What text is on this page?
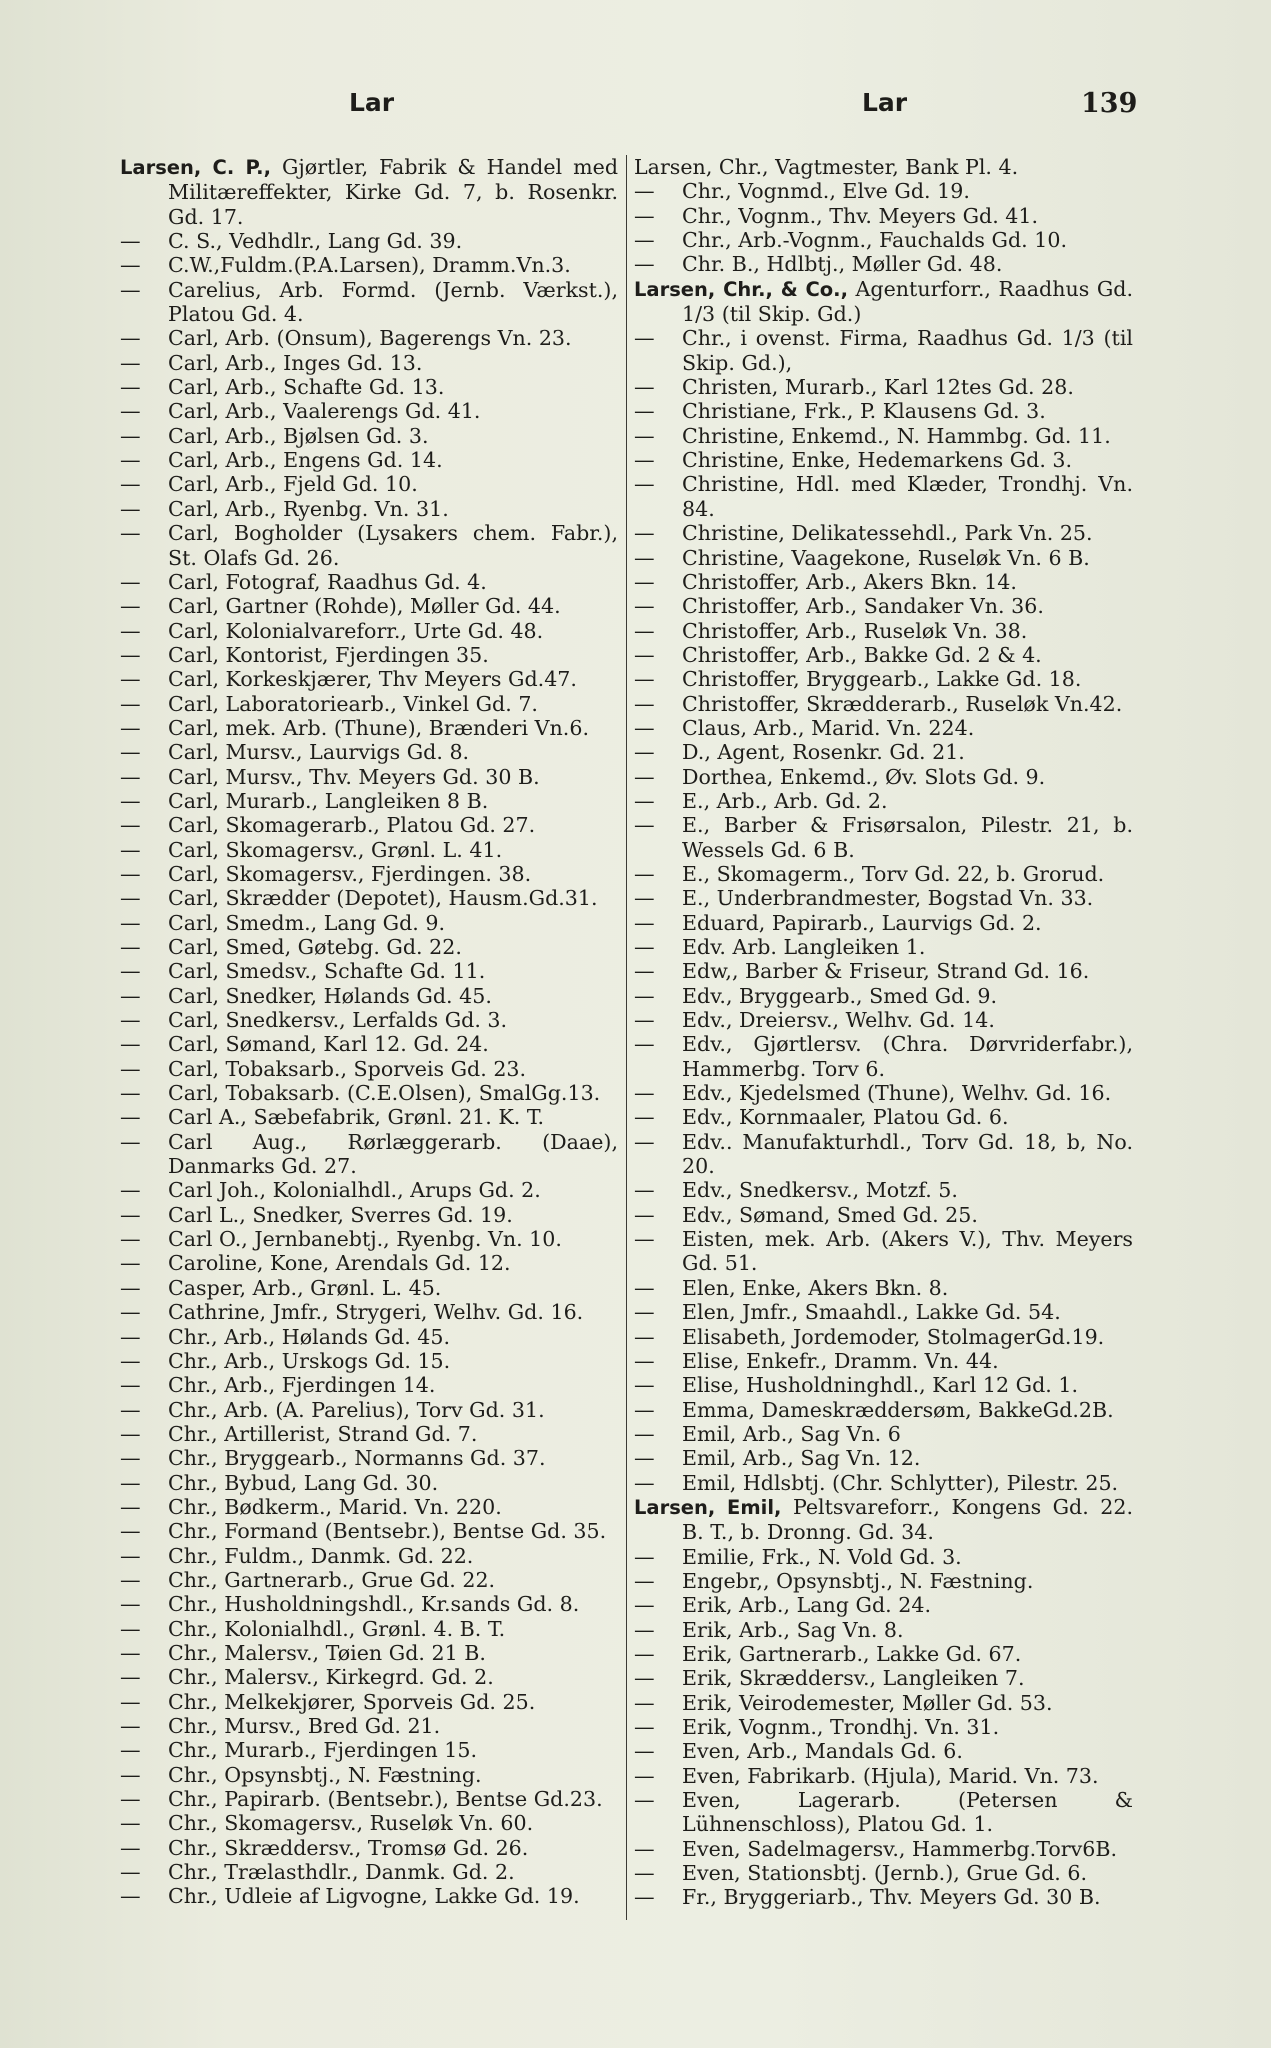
Lar	Lar	139
Larsen, C. P., Gjørtler, Fabrik & Handel med Militæreffekter, Kirke Gd. 7, b. Rosenkr. Gd. 17.
— C. S., Vedhdlr., Lang Gd. 39.
— C.W.,Fuldm.(P.A.Larsen), Dramm.Vn.3.
— Carelius, Arb. Formd. (Jernb. Værkst.), Platou Gd. 4.
— Carl, Arb. (Onsum), Bagerengs Vn. 23.
— Carl, Arb., Inges Gd. 13.
— Carl, Arb., Schafte Gd. 13.
— Carl, Arb., Vaalerengs Gd. 41.
— Carl, Arb., Bjølsen Gd. 3.
— Carl, Arb., Engens Gd. 14.
— Carl, Arb., Fjeld Gd. 10.
— Carl, Arb., Ryenbg. Vn. 31.
— Carl, Bogholder (Lysakers chem. Fabr.), St. Olafs Gd. 26.
— Carl, Fotograf, Raadhus Gd. 4.
— Carl, Gartner (Rohde), Møller Gd. 44.
— Carl, Kolonialvareforr., Urte Gd. 48.
— Carl, Kontorist, Fjerdingen 35.
— Carl, Korkeskjærer, Thv Meyers Gd.47.
— Carl, Laboratoriearb., Vinkel Gd. 7.
— Carl, mek. Arb. (Thune), Brænderi Vn.6.
— Carl, Mursv., Laurvigs Gd. 8.
— Carl, Mursv., Thv. Meyers Gd. 30 B.
— Carl, Murarb., Langleiken 8 B.
— Carl, Skomagerarb., Platou Gd. 27.
— Carl, Skomagersv., Grønl. L. 41.
— Carl, Skomagersv., Fjerdingen. 38.
— Carl, Skrædder (Depotet), Hausm.Gd.31.
— Carl, Smedm., Lang Gd. 9.
— Carl, Smed, Gøtebg. Gd. 22.
— Carl, Smedsv., Schafte Gd. 11.
— Carl, Snedker, Hølands Gd. 45.
— Carl, Snedkersv., Lerfalds Gd. 3.
— Carl, Sømand, Karl 12. Gd. 24.
— Carl, Tobaksarb., Sporveis Gd. 23.
— Carl, Tobaksarb. (C.E.Olsen), SmalGg.13.
— Carl A., Sæbefabrik, Grønl. 21. K. T.
— Carl Aug., Rørlæggerarb. (Daae), Danmarks Gd. 27.
— Carl Joh., Kolonialhdl., Arups Gd. 2.
— Carl L., Snedker, Sverres Gd. 19.
— Carl O., Jernbanebtj., Ryenbg. Vn. 10.
— Caroline, Kone, Arendals Gd. 12.
— Casper, Arb., Grønl. L. 45.
— Cathrine, Jmfr., Strygeri, Welhv. Gd. 16.
— Chr., Arb., Hølands Gd. 45.
— Chr., Arb., Urskogs Gd. 15.
— Chr., Arb., Fjerdingen 14.
— Chr., Arb. (A. Parelius), Torv Gd. 31.
— Chr., Artillerist, Strand Gd. 7.
— Chr., Bryggearb., Normanns Gd. 37.
— Chr., Bybud, Lang Gd. 30.
— Chr., Bødkerm., Marid. Vn. 220.
— Chr., Formand (Bentsebr.), Bentse Gd. 35.
— Chr., Fuldm., Danmk. Gd. 22.
— Chr., Gartnerarb., Grue Gd. 22.
— Chr., Husholdningshdl., Kr.sands Gd. 8.
— Chr., Kolonialhdl., Grønl. 4. B. T.
— Chr., Malersv., Tøien Gd. 21 B.
— Chr., Malersv., Kirkegrd. Gd. 2.
— Chr., Melkekjører, Sporveis Gd. 25.
— Chr., Mursv., Bred Gd. 21.
— Chr., Murarb., Fjerdingen 15.
— Chr., Opsynsbtj., N. Fæstning.
— Chr., Papirarb. (Bentsebr.), Bentse Gd.23.
— Chr., Skomagersv., Ruseløk Vn. 60.
— Chr., Skræddersv., Tromsø Gd. 26.
— Chr., Trælasthdlr., Danmk. Gd. 2.
— Chr., Udleie af Ligvogne, Lakke Gd. 19.
Larsen, Chr., Vagtmester, Bank Pl. 4.
— Chr., Vognmd., Elve Gd. 19.
— Chr., Vognm., Thv. Meyers Gd. 41.
— Chr., Arb.-Vognm., Fauchalds Gd. 10.
— Chr. B., Hdlbtj., Møller Gd. 48.
Larsen, Chr., & Co., Agenturforr., Raadhus Gd. 1/3 (til Skip. Gd.)
— Chr., i ovenst. Firma, Raadhus Gd. 1/3 (til Skip. Gd.),
— Christen, Murarb., Karl 12tes Gd. 28.
— Christiane, Frk., P. Klausens Gd. 3.
— Christine, Enkemd., N. Hammbg. Gd. 11.
— Christine, Enke, Hedemarkens Gd. 3.
— Christine, Hdl. med Klæder, Trondhj. Vn. 84.
— Christine, Delikatessehdl., Park Vn. 25.
— Christine, Vaagekone, Ruseløk Vn. 6 B.
— Christoffer, Arb., Akers Bkn. 14.
— Christoffer, Arb., Sandaker Vn. 36.
— Christoffer, Arb., Ruseløk Vn. 38.
— Christoffer, Arb., Bakke Gd. 2 & 4.
— Christoffer, Bryggearb., Lakke Gd. 18.
— Christoffer, Skrædderarb., Ruseløk Vn.42.
— Claus, Arb., Marid. Vn. 224.
— D., Agent, Rosenkr. Gd. 21.
— Dorthea, Enkemd., Øv. Slots Gd. 9.
— E., Arb., Arb. Gd. 2.
— E., Barber & Frisørsalon, Pilestr. 21, b. Wessels Gd. 6 B.
— E., Skomagerm., Torv Gd. 22, b. Grorud.
— E., Underbrandmester, Bogstad Vn. 33.
— Eduard, Papirarb., Laurvigs Gd. 2.
— Edv. Arb. Langleiken 1.
— Edw,, Barber & Friseur, Strand Gd. 16.
— Edv., Bryggearb., Smed Gd. 9.
— Edv., Dreiersv., Welhv. Gd. 14.
— Edv., Gjørtlersv. (Chra. Dørvriderfabr.), Hammerbg. Torv 6.
— Edv., Kjedelsmed (Thune), Welhv. Gd. 16.
— Edv., Kornmaaler, Platou Gd. 6.
— Edv.. Manufakturhdl., Torv Gd. 18, b, No. 20.
— Edv., Snedkersv., Motzf. 5.
— Edv., Sømand, Smed Gd. 25.
— Eisten, mek. Arb. (Akers V.), Thv. Meyers Gd. 51.
— Elen, Enke, Akers Bkn. 8.
— Elen, Jmfr., Smaahdl., Lakke Gd. 54.
— Elisabeth, Jordemoder, StolmagerGd.19.
— Elise, Enkefr., Dramm. Vn. 44.
— Elise, Husholdninghdl., Karl 12 Gd. 1.
— Emma, Dameskræddersøm, BakkeGd.2B.
— Emil, Arb., Sag Vn. 6
— Emil, Arb., Sag Vn. 12.
— Emil, Hdlsbtj. (Chr. Schlytter), Pilestr. 25.
Larsen, Emil, Peltsvareforr., Kongens Gd. 22. B. T., b. Dronng. Gd. 34.
— Emilie, Frk., N. Vold Gd. 3.
— Engebr,, Opsynsbtj., N. Fæstning.
— Erik, Arb., Lang Gd. 24.
— Erik, Arb., Sag Vn. 8.
— Erik, Gartnerarb., Lakke Gd. 67.
— Erik, Skræddersv., Langleiken 7.
— Erik, Veirodemester, Møller Gd. 53.
— Erik, Vognm., Trondhj. Vn. 31.
— Even, Arb., Mandals Gd. 6.
— Even, Fabrikarb. (Hjula), Marid. Vn. 73.
— Even, Lagerarb. (Petersen & Lühnenschloss), Platou Gd. 1.
— Even, Sadelmagersv., Hammerbg.Torv6B.
— Even, Stationsbtj. (Jernb.), Grue Gd. 6.
— Fr., Bryggeriarb., Thv. Meyers Gd. 30 B.
